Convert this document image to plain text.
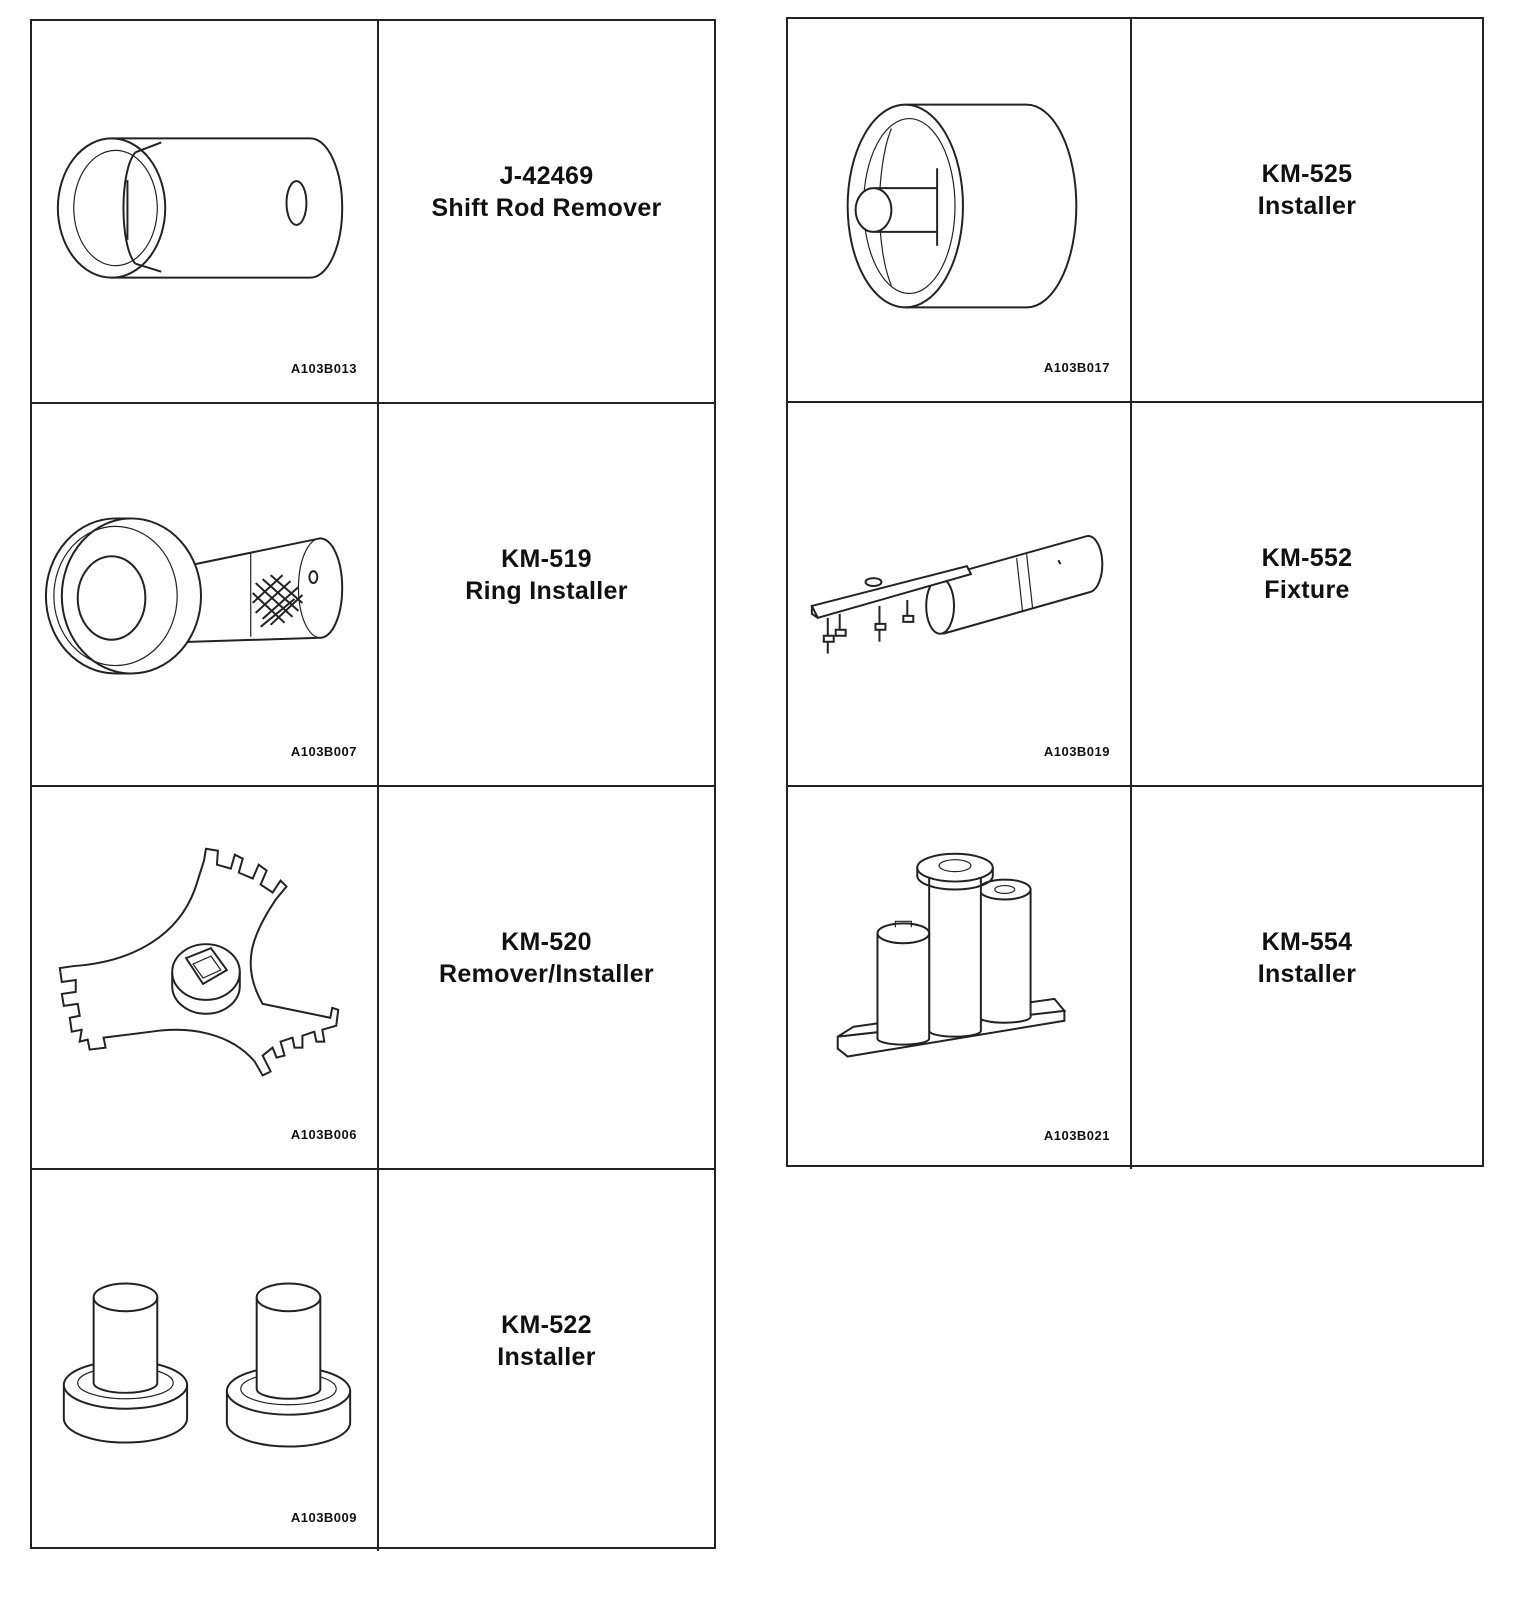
A103B013
J-42469
Shift Rod Remover
A103B007
KM-519
Ring Installer
A103B006
KM-520
Remover/Installer
A103B009
KM-522
Installer
A103B017
KM-525
Installer
A103B019
KM-552
Fixture
A103B021
KM-554
Installer
